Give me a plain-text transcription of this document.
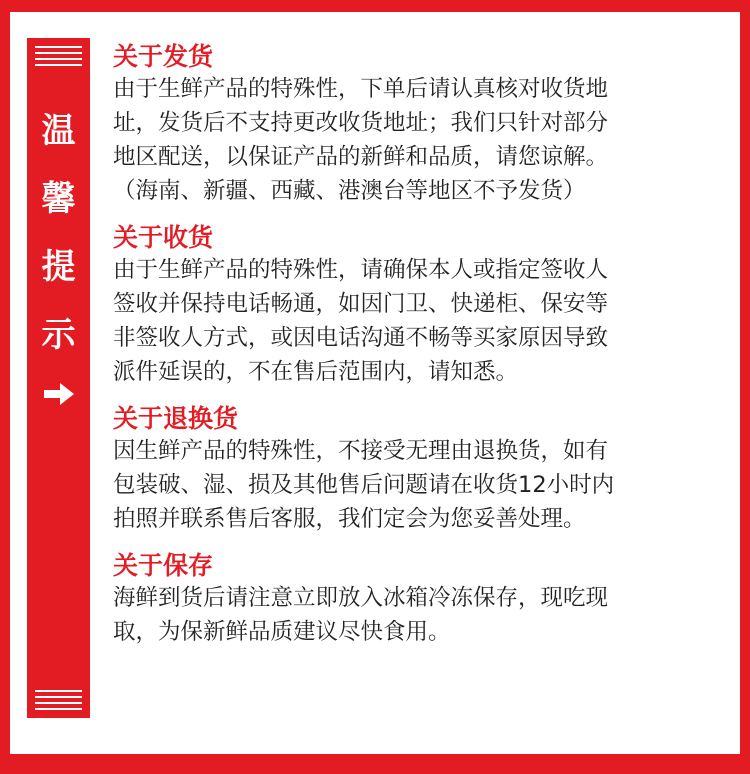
温
馨
提
示
关于发货
由于生鲜产品的特殊性，下单后请认真核对收货地
址，发货后不支持更改收货地址；我们只针对部分
地区配送，以保证产品的新鲜和品质，请您谅解。
（海南、新疆、西藏、港澳台等地区不予发货）
关于收货
由于生鲜产品的特殊性，请确保本人或指定签收人
签收并保持电话畅通，如因门卫、快递柜、保安等
非签收人方式，或因电话沟通不畅等买家原因导致
派件延误的，不在售后范围内，请知悉。
关于退换货
因生鲜产品的特殊性，不接受无理由退换货，如有
包装破、湿、损及其他售后问题请在收货12小时内
拍照并联系售后客服，我们定会为您妥善处理。
关于保存
海鲜到货后请注意立即放入冰箱冷冻保存，现吃现
取，为保新鲜品质建议尽快食用。
